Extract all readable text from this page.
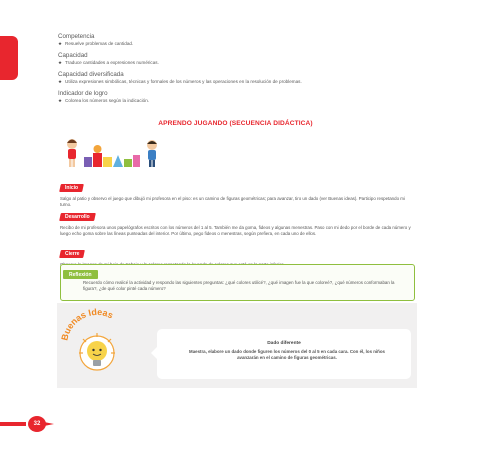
Competencia
★ Resuelve problemas de cantidad.
Capacidad
★ Traduce cantidades a expresiones numéricas.
Capacidad diversificada
★ Utiliza expresiones simbólicas, técnicas y formales de los números y las operaciones en la resolución de problemas.
Indicador de logro
★ Colorea los números según la indicación.
APRENDO JUGANDO (SECUENCIA DIDÁCTICA)
Inicio

Salgo al patio y observo el juego que dibujó mi profesora en el piso: es un camino de figuras geométricas; para avanzar, tiro un dado (ver Buenas ideas). Participo respetando mi turno.

Desarrollo

Recibo de mi profesora unos papelógrafos escritos con los números del 1 al 5. También me da goma, fideos y algunas menestras. Paso con mi dedo por el borde de cada número y luego echo goma sobre las líneas punteadas del interior. Por último, pego fideos o menestras, según prefiera, en cada uno de ellos.

Cierre

Reflexión
Recuerdo cómo realicé la actividad y respondo las siguientes preguntas: ¿qué colores utilicé?, ¿qué imagen fue la que coloreé?, ¿qué números conformaban la figura?, ¿de qué color pinté cada número?
Buenas Ideas
Dado diferente
Maestra, elabore un dado donde figuren los números del 0 al 5 en cada cara. Con él, los niños avanzarán en el camino de figuras geométricas.
32
